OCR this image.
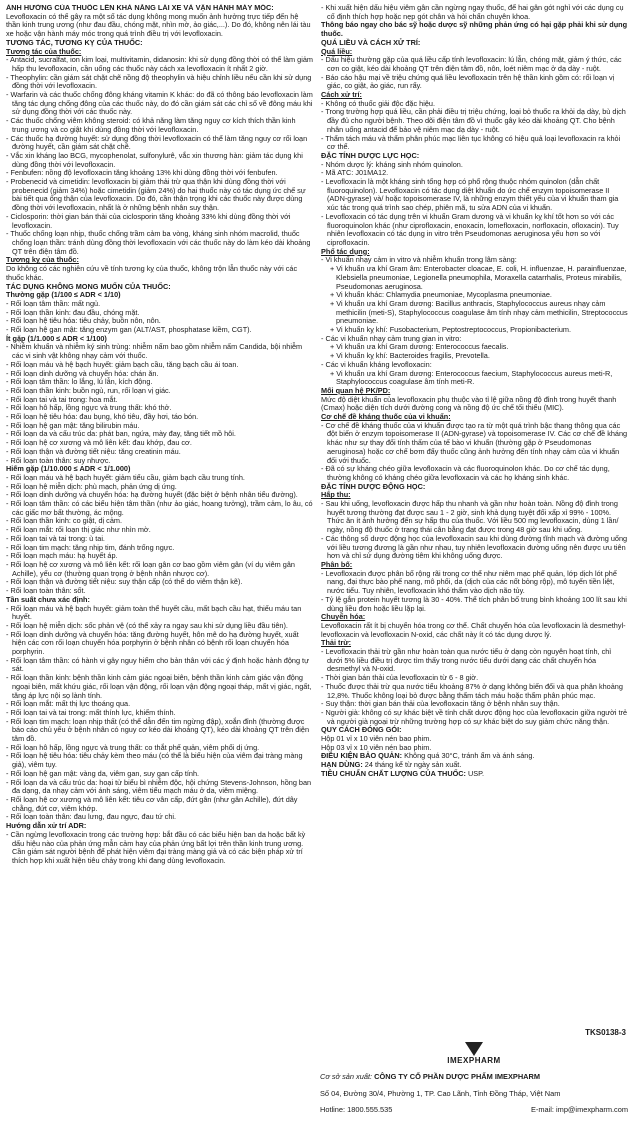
ẢNH HƯỞNG CỦA THUỐC LÊN KHẢ NĂNG LÁI XE VÀ VẬN HÀNH MÁY MÓC:

Levofloxacin có thể gây ra một số tác dụng không mong muốn ảnh hưởng trực tiếp đến hệ thần kinh trung ương (như đau đầu, chóng mặt, nhìn mờ, ảo giác,...). Do đó, không nên lái tàu xe hoặc vận hành máy móc trong quá trình điều trị với levofloxacin.

TƯƠNG TÁC, TƯƠNG KỴ CỦA THUỐC:

Tương tác của thuốc:

- Antacid, sucralfat, ion kim loại, multivitamin, didanosin: khi sử dụng đồng thời có thể làm giảm hấp thu levofloxacin, cần uống các thuốc này cách xa levofloxacin ít nhất 2 giờ.

- Theophylin: cần giám sát chặt chẽ nồng độ theophylin và hiệu chỉnh liều nếu cần khi sử dụng đồng thời với levofloxacin.

- Warfarin và các thuốc chống đông kháng vitamin K khác: do đã có thông báo levofloxacin làm tăng tác dụng chống đông của các thuốc này, do đó cần giám sát các chỉ số về đông máu khi sử dụng đồng thời với các thuốc này.

- Các thuốc chống viêm không steroid: có khả năng làm tăng nguy cơ kích thích thần kinh trung ương và co giật khi dùng đồng thời với levofloxacin.

- Các thuốc hạ đường huyết: sử dụng đồng thời levofloxacin có thể làm tăng nguy cơ rối loạn đường huyết, cần giám sát chặt chẽ.

- Vắc xin kháng lao BCG, mycophenolat, sulfonylurê, vắc xin thương hàn: giảm tác dụng khi dùng đồng thời với levofloxacin.

- Fenbufen: nồng độ levofloxacin tăng khoảng 13% khi dùng đồng thời với fenbufen.

- Probenecid và cimetidin: levofloxacin bị giảm thải trừ qua thận khi dùng đồng thời với probenecid (giảm 34%) hoặc cimetidin (giảm 24%) do hai thuốc này có tác dụng ức chế sự bài tiết qua ống thận của levofloxacin. Do đó, cần thận trọng khi các thuốc này được dùng đồng thời với levofloxacin, nhất là ở những bệnh nhân suy thận.

- Ciclosporin: thời gian bán thải của ciclosporin tăng khoảng 33% khi dùng đồng thời với levofloxacin.

- Thuốc chống loạn nhịp, thuốc chống trầm cảm ba vòng, kháng sinh nhóm macrolid, thuốc chống loạn thần: tránh dùng đồng thời levofloxacin với các thuốc này do làm kéo dài khoảng QT trên điện tâm đồ.

Tương kỵ của thuốc:

Do không có các nghiên cứu về tính tương kỵ của thuốc, không trộn lẫn thuốc này với các thuốc khác.

TÁC DỤNG KHÔNG MONG MUỐN CỦA THUỐC:

Thường gặp (1/100 ≤ ADR < 1/10)

- Rối loạn tâm thần: mất ngủ.

- Rối loạn thần kinh: đau đầu, chóng mặt.

- Rối loạn hệ tiêu hóa: tiêu chảy, buồn nôn, nôn.

- Rối loạn hệ gan mật: tăng enzym gan (ALT/AST, phosphatase kiềm, CGT).

Ít gặp (1/1.000 ≤ ADR < 1/100)

- Nhiễm khuẩn và nhiễm ký sinh trùng: nhiễm nấm bao gồm nhiễm nấm Candida, bội nhiễm các vi sinh vật không nhạy cảm với thuốc.

- Rối loạn máu và hệ bạch huyết: giảm bạch cầu, tăng bạch cầu ái toan.

- Rối loạn dinh dưỡng và chuyển hóa: chán ăn.

- Rối loạn tâm thần: lo lắng, lú lẫn, kích động.

- Rối loạn thần kinh: buồn ngủ, run, rối loạn vị giác.

- Rối loạn tai và tai trong: hoa mắt.

- Rối loạn hô hấp, lồng ngực và trung thất: khó thở.

- Rối loạn hệ tiêu hóa: đau bụng, khó tiêu, đầy hơi, táo bón.

- Rối loạn hệ gan mật: tăng bilirubin máu.

- Rối loạn da và cấu trúc da: phát ban, ngứa, mày đay, tăng tiết mồ hôi.

- Rối loạn hệ cơ xương và mô liên kết: đau khớp, đau cơ.

- Rối loạn thận và đường tiết niệu: tăng creatinin máu.

- Rối loạn toàn thân: suy nhược.

Hiếm gặp (1/10.000 ≤ ADR < 1/1.000)

- Rối loạn máu và hệ bạch huyết: giảm tiểu cầu, giảm bạch cầu trung tính.

- Rối loạn hệ miễn dịch: phù mạch, phản ứng dị ứng.

- Rối loạn dinh dưỡng và chuyển hóa: hạ đường huyết (đặc biệt ở bệnh nhân tiểu đường).

- Rối loạn tâm thần: có các biểu hiện tâm thần (như ảo giác, hoang tưởng), trầm cảm, lo âu, có các giấc mơ bất thường, ác mộng.

- Rối loạn thần kinh: co giật, dị cảm.

- Rối loạn mắt: rối loạn thị giác như nhìn mờ.

- Rối loạn tai và tai trong: ù tai.

- Rối loạn tim mạch: tăng nhịp tim, đánh trống ngực.

- Rối loạn mạch máu: hạ huyết áp.

- Rối loạn hệ cơ xương và mô liên kết: rối loạn gân cơ bao gồm viêm gân (ví dụ viêm gân Achille), yếu cơ (thường quan trọng ở bệnh nhân nhược cơ).

- Rối loạn thận và đường tiết niệu: suy thận cấp (có thể do viêm thận kẽ).

- Rối loạn toàn thân: sốt.

Tần suất chưa xác định:

- Rối loạn máu và hệ bạch huyết: giảm toàn thể huyết cầu, mất bạch cầu hạt, thiếu máu tan huyết.

- Rối loạn hệ miễn dịch: sốc phản vệ (có thể xảy ra ngay sau khi sử dụng liều đầu tiên).

- Rối loạn dinh dưỡng và chuyển hóa: tăng đường huyết, hôn mê do hạ đường huyết, xuất hiện các cơn rối loạn chuyển hóa porphyrin ở bệnh nhân có bệnh rối loạn chuyển hóa porphyrin.

- Rối loạn tâm thần: có hành vi gây nguy hiểm cho bản thân với các ý định hoặc hành động tự sát.

- Rối loạn thần kinh: bệnh thần kinh cảm giác ngoại biên, bệnh thần kinh cảm giác vận động ngoại biên, mất khứu giác, rối loạn vận động, rối loạn vận động ngoại tháp, mất vị giác, ngất, tăng áp lực nội sọ lành tính.

- Rối loạn mắt: mất thị lực thoáng qua.

- Rối loạn tai và tai trong: mất thính lực, khiếm thính.

- Rối loạn tim mạch: loạn nhịp thất (có thể dẫn đến tim ngừng đập), xoắn đỉnh (thường được báo cáo chủ yếu ở bệnh nhân có nguy cơ kéo dài khoảng QT), kéo dài khoảng QT trên điện tâm đồ.

- Rối loạn hô hấp, lồng ngực và trung thất: co thắt phế quản, viêm phổi dị ứng.

- Rối loạn hệ tiêu hóa: tiêu chảy kèm theo máu (có thể là biểu hiện của viêm đại tràng màng giả), viêm tụy.

- Rối loạn hệ gan mật: vàng da, viêm gan, suy gan cấp tính.

- Rối loạn da và cấu trúc da: hoại tử biểu bì nhiễm độc, hội chứng Stevens-Johnson, hồng ban đa dạng, da nhạy cảm với ánh sáng, viêm tiểu mạch máu ở da, viêm miệng.

- Rối loạn hệ cơ xương và mô liên kết: tiêu cơ vân cấp, đứt gân (như gân Achille), đứt dây chằng, đứt cơ, viêm khớp.

- Rối loạn toàn thân: đau lưng, đau ngực, đau tứ chi.

Hướng dẫn xử trí ADR:

- Cần ngừng levofloxacin trong các trường hợp: bắt đầu có các biểu hiện ban da hoặc bất kỳ dấu hiệu nào của phản ứng mẫn cảm hay của phản ứng bất lợi trên thần kinh trung ương. Cần giám sát người bệnh để phát hiện viêm đại tràng màng giả và có các biện pháp xử trí thích hợp khi xuất hiện tiêu chảy trong khi đang dùng levofloxacin.

- Khi xuất hiện dấu hiệu viêm gân cần ngừng ngay thuốc, để hai gân gót nghỉ với các dụng cụ cố định thích hợp hoặc nẹp gót chân và hỏi chẩn chuyên khoa.

Thông báo ngay cho bác sỹ hoặc dược sỹ những phản ứng có hại gặp phải khi sử dụng thuốc.

QUÁ LIỀU VÀ CÁCH XỬ TRÍ:

Quá liều:

- Dấu hiệu thường gặp của quá liều cấp tính levofloxacin: lú lẫn, chóng mặt, giảm ý thức, các cơn co giật, kéo dài khoảng QT trên điện tâm đồ, nôn, loét niêm mạc ở dạ dày - ruột.

- Báo cáo hậu mại về triệu chứng quá liều levofloxacin trên hệ thần kinh gồm có: rối loạn vị giác, co giật, ảo giác, run rẩy.

Cách xử trí:

- Không có thuốc giải độc đặc hiệu.

- Trong trường hợp quá liều, cần phải điều trị triệu chứng, loại bỏ thuốc ra khỏi dạ dày, bù dịch đầy đủ cho người bệnh. Theo dõi điện tâm đồ vì thuốc gây kéo dài khoảng QT. Cho bệnh nhân uống antacid để bảo vệ niêm mạc dạ dày - ruột.

- Thẩm tách máu và thẩm phân phúc mạc liên tục không có hiệu quả loại levofloxacin ra khỏi cơ thể.

ĐẶC TÍNH DƯỢC LỰC HỌC:

- Nhóm dược lý: kháng sinh nhóm quinolon.

- Mã ATC: J01MA12.

- Levofloxacin là một kháng sinh tổng hợp có phổ rộng thuộc nhóm quinolon (dẫn chất fluoroquinolon). Levofloxacin có tác dụng diệt khuẩn do ức chế enzym topoisomerase II (ADN-gyrase) và/ hoặc topoisomerase IV, là những enzym thiết yếu của vi khuẩn tham gia xúc tác trong quá trình sao chép, phiên mã, tu sửa ADN của vi khuẩn.

- Levofloxacin có tác dụng trên vi khuẩn Gram dương và vi khuẩn kỵ khí tốt hơn so với các fluoroquinolon khác (như ciprofloxacin, enoxacin, lomefloxacin, norfloxacin, ofloxacin). Tuy nhiên levofloxacin có tác dụng in vitro trên Pseudomonas aeruginosa yếu hơn so với ciprofloxacin.

Phổ tác dụng:

- Vi khuẩn nhạy cảm in vitro và nhiễm khuẩn trong lâm sàng:

+ Vi khuẩn ưa khí Gram âm: Enterobacter cloacae, E. coli, H. influenzae, H. parainfluenzae, Klebsiella pneumoniae, Legionella pneumophila, Moraxella catarrhalis, Proteus mirabilis, Pseudomonas aeruginosa.

+ Vi khuẩn khác: Chlamydia pneumoniae, Mycoplasma pneumoniae.

+ Vi khuẩn ưa khí Gram dương: Bacillus anthracis, Staphylococcus aureus nhạy cảm methicilin (meti-S), Staphylococcus coagulase âm tính nhạy cảm methicilin, Streptococcus pneumoniae.

+ Vi khuẩn kỵ khí: Fusobacterium, Peptostreptococcus, Propionibacterium.

- Các vi khuẩn nhạy cảm trung gian in vitro:

+ Vi khuẩn ưa khí Gram dương: Enterococcus faecalis.

+ Vi khuẩn kỵ khí: Bacteroides fragilis, Prevotella.

- Các vi khuẩn kháng levofloxacin:

+ Vi khuẩn ưa khí Gram dương: Enterococcus faecium, Staphylococcus aureus meti-R, Staphylococcus coagulase âm tính meti-R.

Mối quan hệ PK/PD:

Mức độ diệt khuẩn của levofloxacin phụ thuộc vào tỉ lệ giữa nồng độ đỉnh trong huyết thanh (Cmax) hoặc diện tích dưới đường cong và nồng độ ức chế tối thiểu (MIC).

Cơ chế đề kháng thuốc của vi khuẩn:

- Cơ chế đề kháng thuốc của vi khuẩn được tạo ra từ một quá trình bậc thang thông qua các đột biến ở enzym topoisomerase II (ADN-gyrase) và topoisomerase IV. Các cơ chế đề kháng khác như sự thay đổi tính thấm của tế bào vi khuẩn (thường gặp ở Pseudomonas aeruginosa) hoặc cơ chế bơm đẩy thuốc cũng ảnh hưởng đến tính nhạy cảm của vi khuẩn đối với thuốc.

- Đã có sự kháng chéo giữa levofloxacin và các fluoroquinolon khác. Do cơ chế tác dụng, thường không có kháng chéo giữa levofloxacin và các họ kháng sinh khác.

ĐẶC TÍNH DƯỢC ĐỘNG HỌC:

Hấp thu:

- Sau khi uống, levofloxacin được hấp thu nhanh và gần như hoàn toàn. Nồng độ đỉnh trong huyết tương thường đạt được sau 1 - 2 giờ, sinh khả dụng tuyệt đối xấp xỉ 99% - 100%. Thức ăn ít ảnh hưởng đến sự hấp thu của thuốc. Với liều 500 mg levofloxacin, dùng 1 lần/ ngày, nồng độ thuốc ở trạng thái cân bằng đạt được trong 48 giờ sau khi uống.

- Các thông số dược động học của levofloxacin sau khi dùng đường tĩnh mạch và đường uống với liều tương đương là gần như nhau, tuy nhiên levofloxacin đường uống nên được ưu tiên hơn và chỉ sử dụng đường tiêm khi không uống được.

Phân bố:

- Levofloxacin được phân bố rộng rãi trong cơ thể như niêm mạc phế quản, lớp dịch lót phế nang, đại thực bào phế nang, mô phổi, da (dịch của các nốt bỏng rộp), mô tuyến tiền liệt, nước tiểu. Tuy nhiên, levofloxacin khó thấm vào dịch não tủy.

- Tỷ lệ gắn protein huyết tương là 30 - 40%. Thể tích phân bố trung bình khoảng 100 lít sau khi dùng liều đơn hoặc liều lặp lại.

Chuyển hóa:

Levofloxacin rất ít bị chuyển hóa trong cơ thể. Chất chuyển hóa của levofloxacin là desmethyl-levofloxacin và levofloxacin N-oxid, các chất này ít có tác dụng dược lý.

Thải trừ:

- Levofloxacin thải trừ gần như hoàn toàn qua nước tiểu ở dạng còn nguyên hoạt tính, chỉ dưới 5% liều điều trị được tìm thấy trong nước tiểu dưới dạng các chất chuyển hóa desmethyl và N-oxid.

- Thời gian bán thải của levofloxacin từ 6 - 8 giờ.

- Thuốc được thải trừ qua nước tiểu khoảng 87% ở dạng không biến đổi và qua phân khoảng 12,8%. Thuốc không loại bỏ được bằng thẩm tách máu hoặc thẩm phân phúc mạc.

- Suy thận: thời gian bán thải của levofloxacin tăng ở bệnh nhân suy thận.

- Người già: không có sự khác biệt về tính chất dược động học của levofloxacin giữa người trẻ và người già ngoại trừ những trường hợp có sự khác biệt do suy giảm chức năng thận.

QUY CÁCH ĐÓNG GÓI:

Hộp 01 vỉ x 10 viên nén bao phim.

Hộp 03 vỉ x 10 viên nén bao phim.

ĐIỀU KIỆN BẢO QUẢN: Không quá 30°C, tránh ẩm và ánh sáng.

HẠN DÙNG: 24 tháng kể từ ngày sản xuất.

TIÊU CHUẨN CHẤT LƯỢNG CỦA THUỐC: USP.

TKS0138-3
IMEXPHARM

Cơ sở sản xuất: CÔNG TY CỔ PHẦN DƯỢC PHẨM IMEXPHARM

Số 04, Đường 30/4, Phường 1, TP. Cao Lãnh, Tỉnh Đồng Tháp, Việt Nam

Hotline: 1800.555.535	E-mail: imp@imexpharm.com
